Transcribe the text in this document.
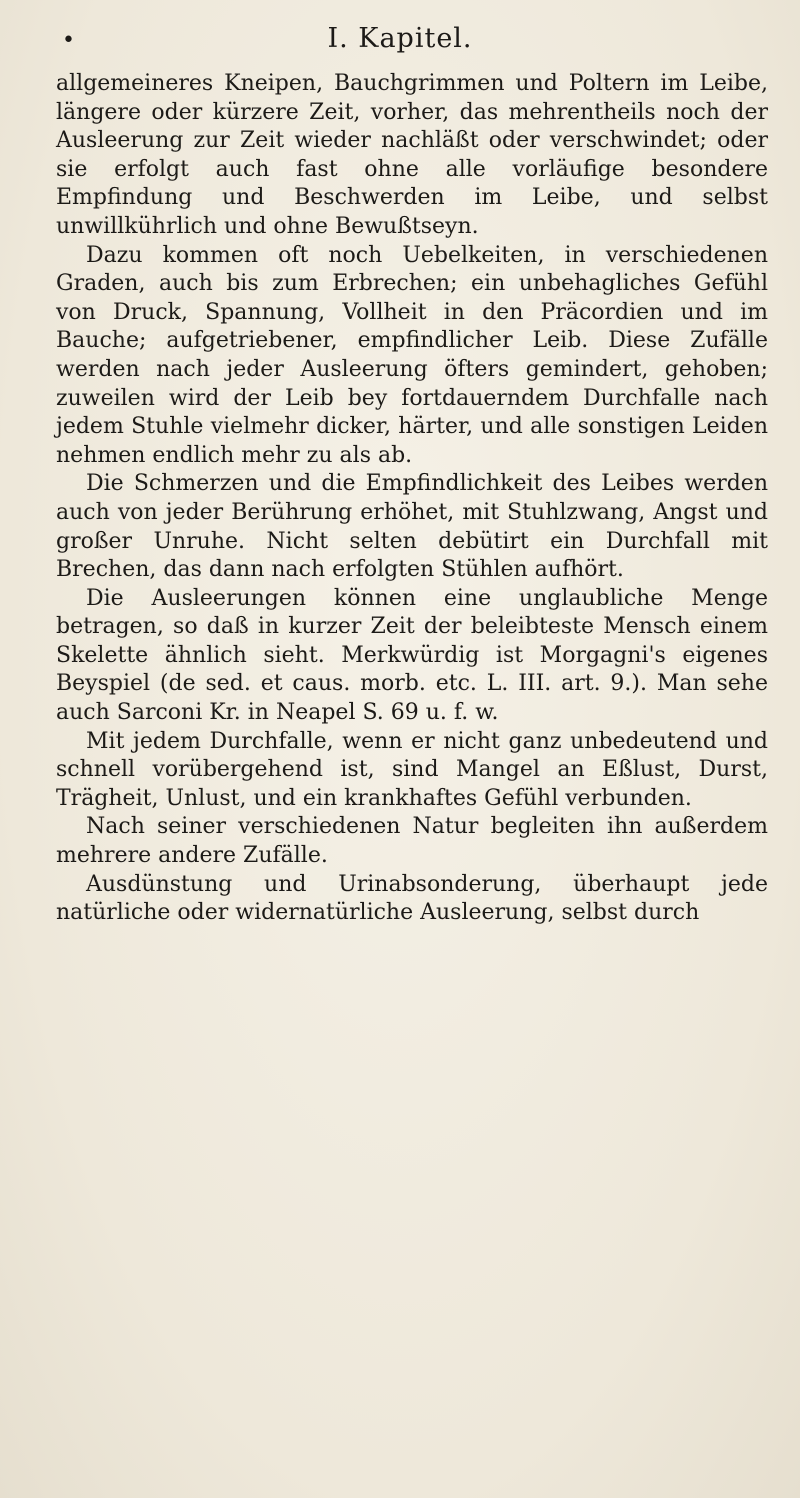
•	I. Kapitel.

allgemeineres Kneipen, Bauchgrimmen und Poltern im Leibe, längere oder kürzere Zeit, vorher, das mehrentheils noch der Ausleerung zur Zeit wieder nachläßt oder verschwindet; oder sie erfolgt auch fast ohne alle vorläufige besondere Empfindung und Beschwerden im Leibe, und selbst unwillkührlich und ohne Bewußtseyn.

Dazu kommen oft noch Uebelkeiten, in verschiedenen Graden, auch bis zum Erbrechen; ein unbehagliches Gefühl von Druck, Spannung, Vollheit in den Präcordien und im Bauche; aufgetriebener, empfindlicher Leib. Diese Zufälle werden nach jeder Ausleerung öfters gemindert, gehoben; zuweilen wird der Leib bey fortdauerndem Durchfalle nach jedem Stuhle vielmehr dicker, härter, und alle sonstigen Leiden nehmen endlich mehr zu als ab.

Die Schmerzen und die Empfindlichkeit des Leibes werden auch von jeder Berührung erhöhet, mit Stuhlzwang, Angst und großer Unruhe. Nicht selten debütirt ein Durchfall mit Brechen, das dann nach erfolgten Stühlen aufhört.

Die Ausleerungen können eine unglaubliche Menge betragen, so daß in kurzer Zeit der beleibteste Mensch einem Skelette ähnlich sieht. Merkwürdig ist Morgagni's eigenes Beyspiel (de sed. et caus. morb. etc. L. III. art. 9.). Man sehe auch Sarconi Kr. in Neapel S. 69 u. f. w.

Mit jedem Durchfalle, wenn er nicht ganz unbedeutend und schnell vorübergehend ist, sind Mangel an Eßlust, Durst, Trägheit, Unlust, und ein krankhaftes Gefühl verbunden.

Nach seiner verschiedenen Natur begleiten ihn außerdem mehrere andere Zufälle.

Ausdünstung und Urinabsonderung, überhaupt jede natürliche oder widernatürliche Ausleerung, selbst durch
